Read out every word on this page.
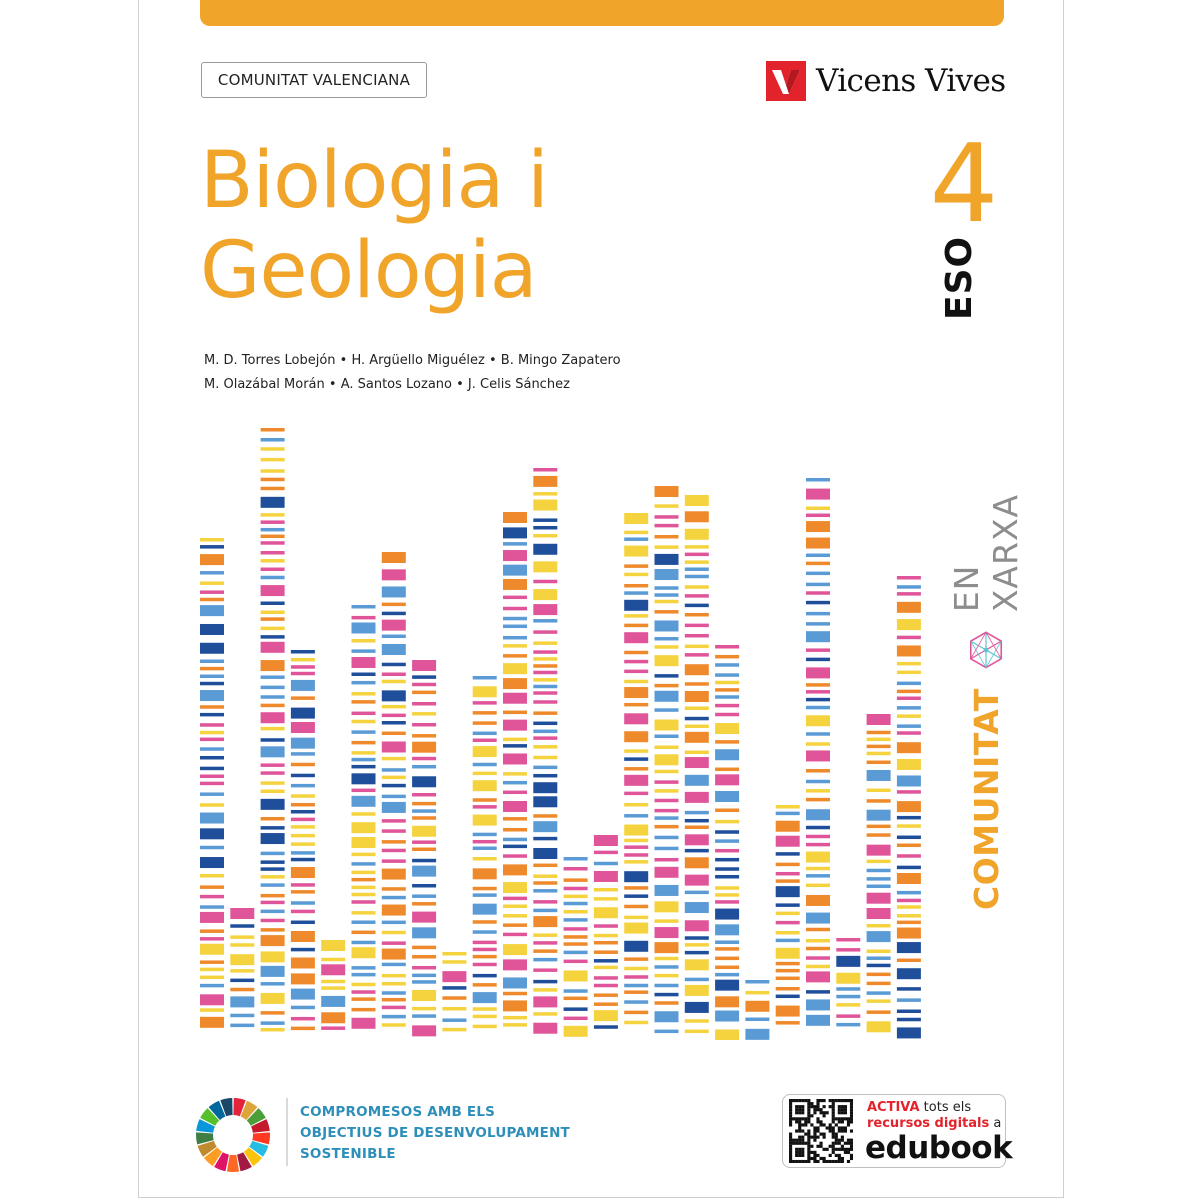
COMUNITAT VALENCIANA	Vicens Vives
Biologia i
Geologia
4
ESO
M. D. Torres Lobejón • H. Argüello Miguélez • B. Mingo Zapatero
M. Olazábal Morán • A. Santos Lozano • J. Celis Sánchez
COMUNITAT
EN XARXA
COMPROMESOS AMB ELS
OBJECTIUS DE DESENVOLUPAMENT
SOSTENIBLE
ACTIVA tots els
recursos digitals a
edubook
